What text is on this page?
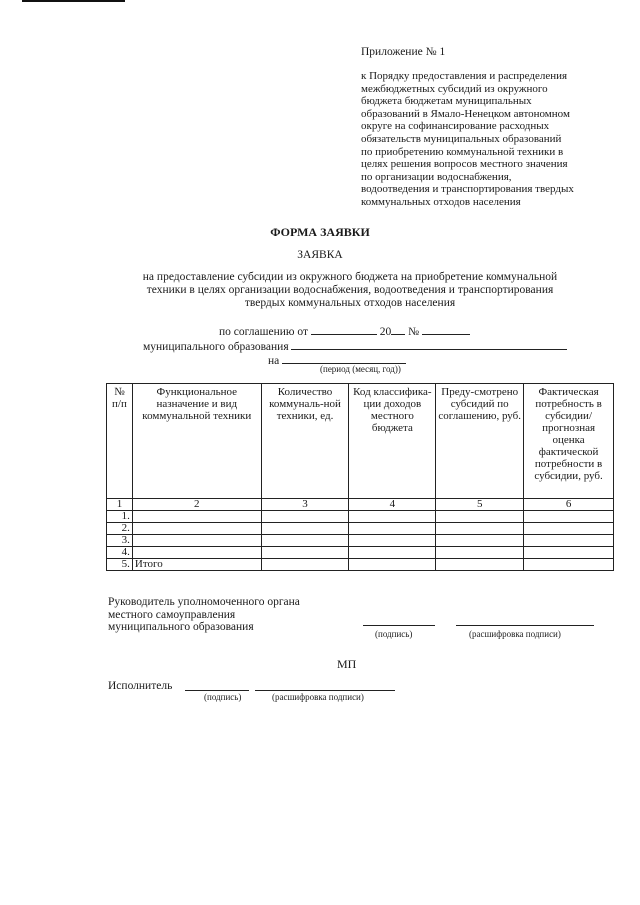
Приложение № 1
к Порядку предоставления и распределения
межбюджетных субсидий из окружного
бюджета бюджетам муниципальных
образований в Ямало-Ненецком автономном
округе на софинансирование расходных
обязательств муниципальных образований
по приобретению коммунальной техники в
целях решения вопросов местного значения
по организации водоснабжения,
водоотведения и транспортирования твердых
коммунальных отходов населения
ФОРМА ЗАЯВКИ
ЗАЯВКА
на предоставление субсидии из окружного бюджета на приобретение коммунальной
техники в целях организации водоснабжения, водоотведения и транспортирования
твердых коммунальных отходов населения
по соглашению от	20 №
муниципального образования
на
(период (месяц, год))
№ п/п	Функциональное назначение и вид коммунальной техники	Количество коммуналь-ной техники, ед.	Код классифика-ции доходов местного бюджета	Преду-смотрено субсидий по соглашению, руб.	Фактическая потребность в субсидии/ прогнозная оценка фактической потребности в субсидии, руб.
1	2	3	4	5	6
1.					
2.					
3.					
4.					
5.	Итого				
Руководитель уполномоченного органа
местного самоуправления
муниципального образования
(подпись)	(расшифровка подписи)
МП
Исполнитель
(подпись)	(расшифровка подписи)
